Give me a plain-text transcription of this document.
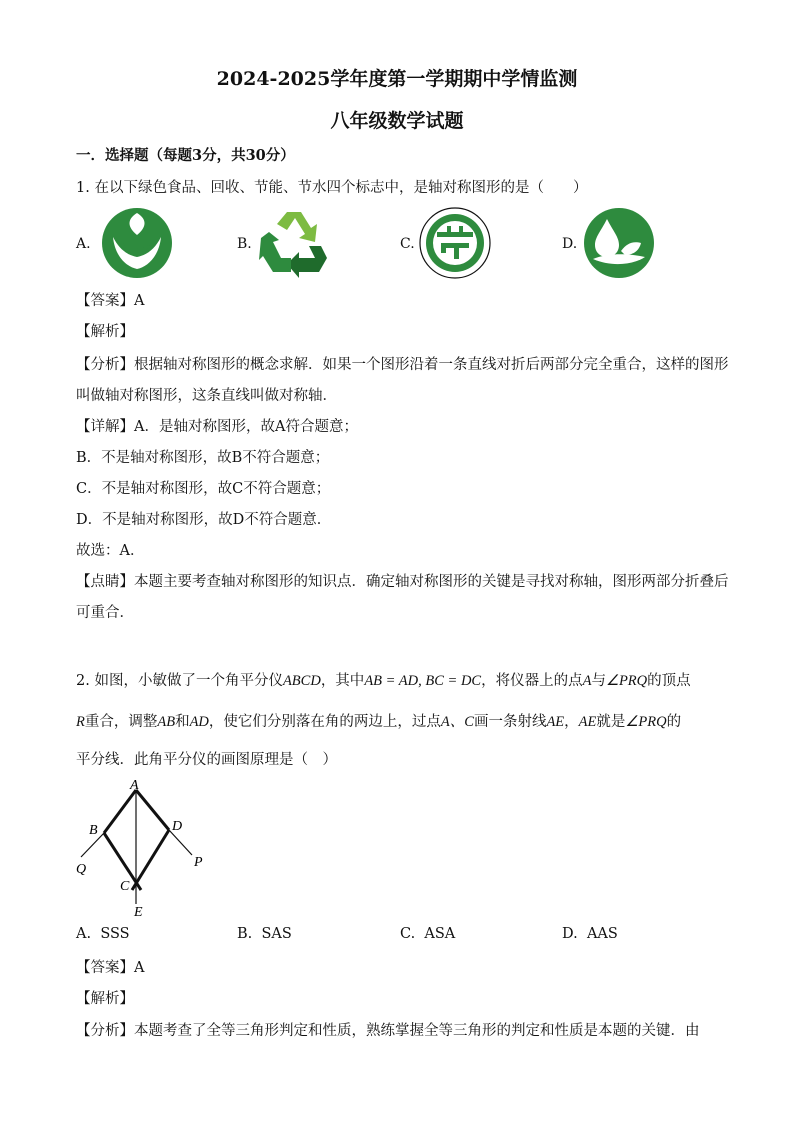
2024-2025学年度第一学期期中学情监测
八年级数学试题
一．选择题（每题3分，共30分）
1. 在以下绿色食品、回收、节能、节水四个标志中，是轴对称图形的是（　　）
A.	B.	C.	D.
【答案】A
【解析】
【分析】根据轴对称图形的概念求解．如果一个图形沿着一条直线对折后两部分完全重合，这样的图形
叫做轴对称图形，这条直线叫做对称轴．
【详解】A．是轴对称图形，故A符合题意；
B．不是轴对称图形，故B不符合题意；
C．不是轴对称图形，故C不符合题意；
D．不是轴对称图形，故D不符合题意．
故选：A．
【点睛】本题主要考查轴对称图形的知识点．确定轴对称图形的关键是寻找对称轴，图形两部分折叠后
可重合．
2. 如图，小敏做了一个角平分仪ABCD，其中AB = AD, BC = DC，将仪器上的点A与∠PRQ的顶点
R重合，调整AB和AD，使它们分别落在角的两边上，过点A、C画一条射线AE，AE就是∠PRQ的
平分线．此角平分仪的画图原理是（　）
A
B	D
Q	P
C
E
A. SSS	B. SAS	C. ASA	D. AAS
【答案】A
【解析】
【分析】本题考查了全等三角形判定和性质，熟练掌握全等三角形的判定和性质是本题的关键．由
